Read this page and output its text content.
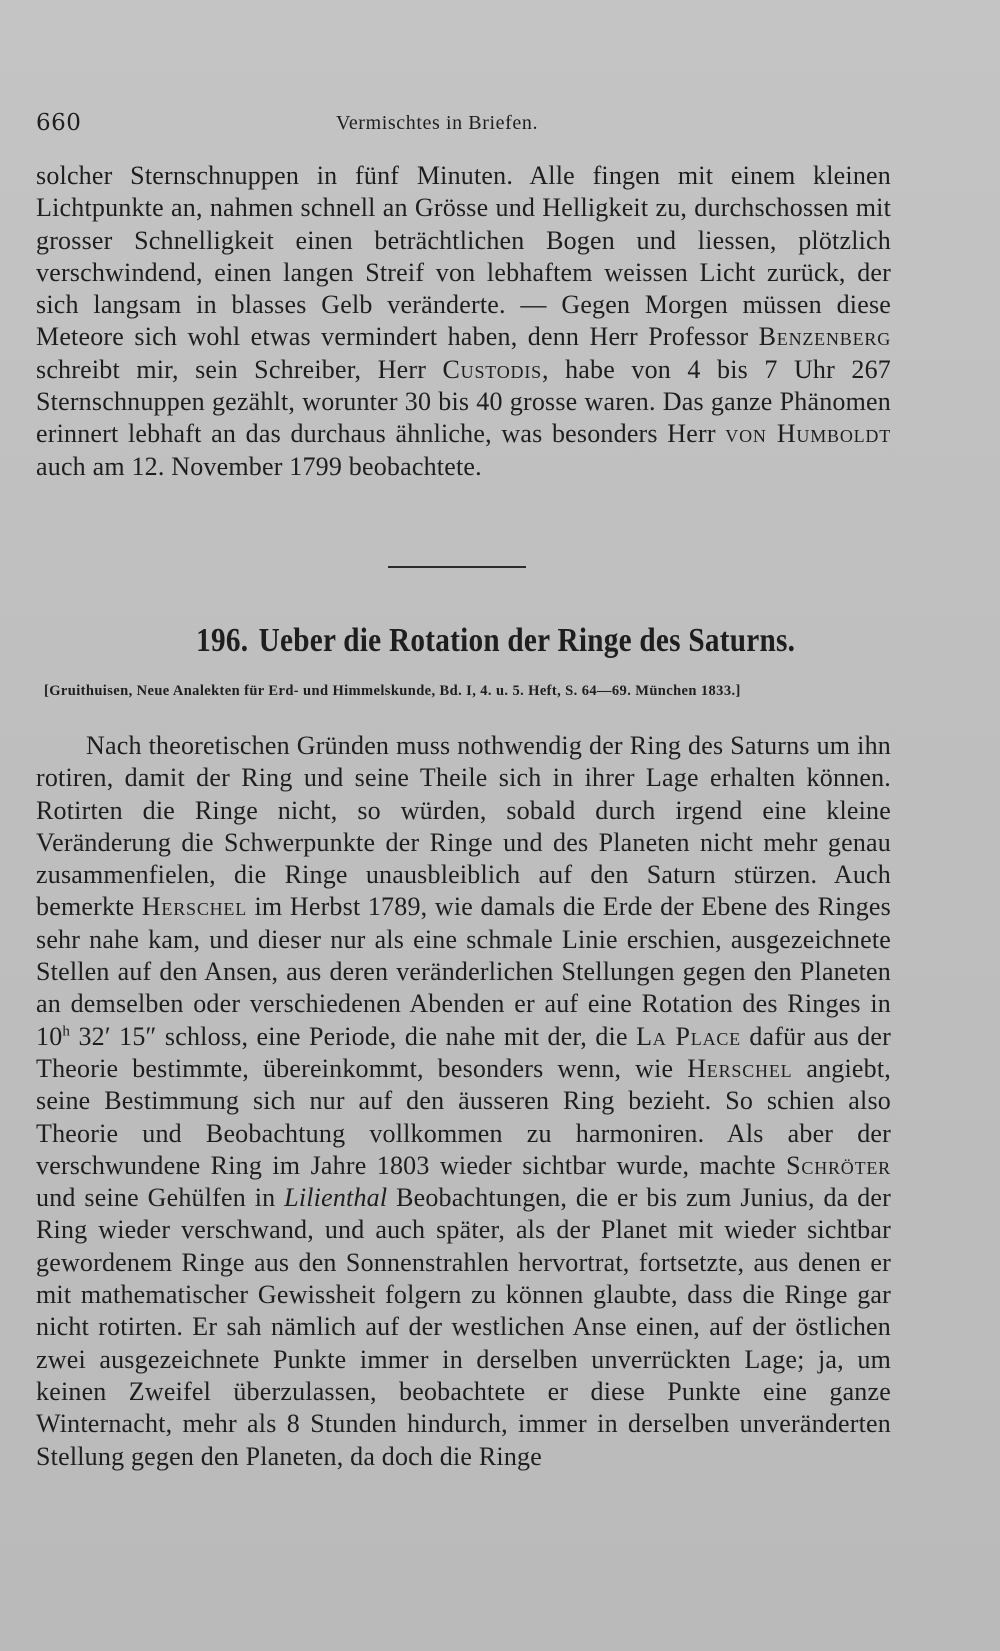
660	Vermischtes in Briefen.

solcher Sternschnuppen in fünf Minuten. Alle fingen mit einem kleinen Lichtpunkte an, nahmen schnell an Grösse und Helligkeit zu, durchschossen mit grosser Schnelligkeit einen beträchtlichen Bogen und liessen, plötzlich verschwindend, einen langen Streif von lebhaftem weissen Licht zurück, der sich langsam in blasses Gelb veränderte. — Gegen Morgen müssen diese Meteore sich wohl etwas vermindert haben, denn Herr Professor Benzenberg schreibt mir, sein Schreiber, Herr Custodis, habe von 4 bis 7 Uhr 267 Sternschnuppen gezählt, worunter 30 bis 40 grosse waren. Das ganze Phänomen erinnert lebhaft an das durchaus ähnliche, was besonders Herr von Humboldt auch am 12. November 1799 beobachtete.

196. Ueber die Rotation der Ringe des Saturns.

[Gruithuisen, Neue Analekten für Erd- und Himmelskunde, Bd. I, 4. u. 5. Heft, S. 64—69. München 1833.]

Nach theoretischen Gründen muss nothwendig der Ring des Saturns um ihn rotiren, damit der Ring und seine Theile sich in ihrer Lage erhalten können. Rotirten die Ringe nicht, so würden, sobald durch irgend eine kleine Veränderung die Schwerpunkte der Ringe und des Planeten nicht mehr genau zusammenfielen, die Ringe unausbleiblich auf den Saturn stürzen. Auch bemerkte Herschel im Herbst 1789, wie damals die Erde der Ebene des Ringes sehr nahe kam, und dieser nur als eine schmale Linie erschien, ausgezeichnete Stellen auf den Ansen, aus deren veränderlichen Stellungen gegen den Planeten an demselben oder verschiedenen Abenden er auf eine Rotation des Ringes in 10$^h$ 32′ 15″ schloss, eine Periode, die nahe mit der, die La Place dafür aus der Theorie bestimmte, übereinkommt, besonders wenn, wie Herschel angiebt, seine Bestimmung sich nur auf den äusseren Ring bezieht. So schien also Theorie und Beobachtung vollkommen zu harmoniren. Als aber der verschwundene Ring im Jahre 1803 wieder sichtbar wurde, machte Schröter und seine Gehülfen in Lilienthal Beobachtungen, die er bis zum Junius, da der Ring wieder verschwand, und auch später, als der Planet mit wieder sichtbar gewordenem Ringe aus den Sonnenstrahlen hervortrat, fortsetzte, aus denen er mit mathematischer Gewissheit folgern zu können glaubte, dass die Ringe gar nicht rotirten. Er sah nämlich auf der westlichen Anse einen, auf der östlichen zwei ausgezeichnete Punkte immer in derselben unverrückten Lage; ja, um keinen Zweifel überzulassen, beobachtete er diese Punkte eine ganze Winternacht, mehr als 8 Stunden hindurch, immer in derselben unveränderten Stellung gegen den Planeten, da doch die Ringe
